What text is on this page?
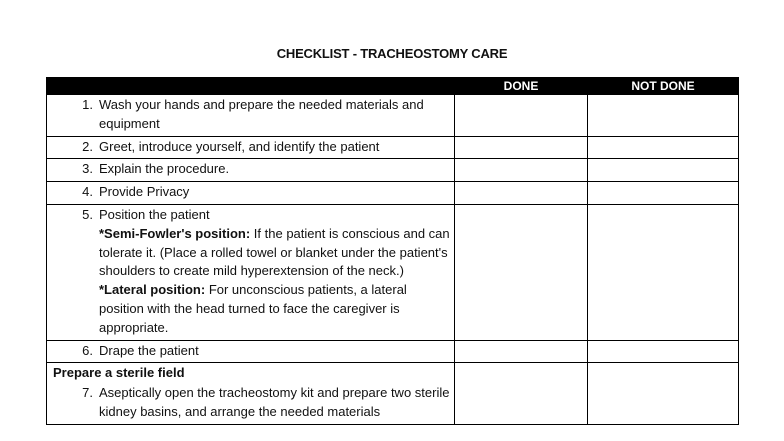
CHECKLIST - TRACHEOSTOMY CARE
	DONE	NOT DONE

1. Wash your hands and prepare the needed materials and equipment		

2. Greet, introduce yourself, and identify the patient		

3. Explain the procedure.		

4. Provide Privacy		

5. Position the patient
*Semi-Fowler's position: If the patient is conscious and can tolerate it. (Place a rolled towel or blanket under the patient's shoulders to create mild hyperextension of the neck.)
*Lateral position: For unconscious patients, a lateral position with the head turned to face the caregiver is appropriate.		

6. Drape the patient		

Prepare a sterile field
7. Aseptically open the tracheostomy kit and prepare two sterile kidney basins, and arrange the needed materials		
